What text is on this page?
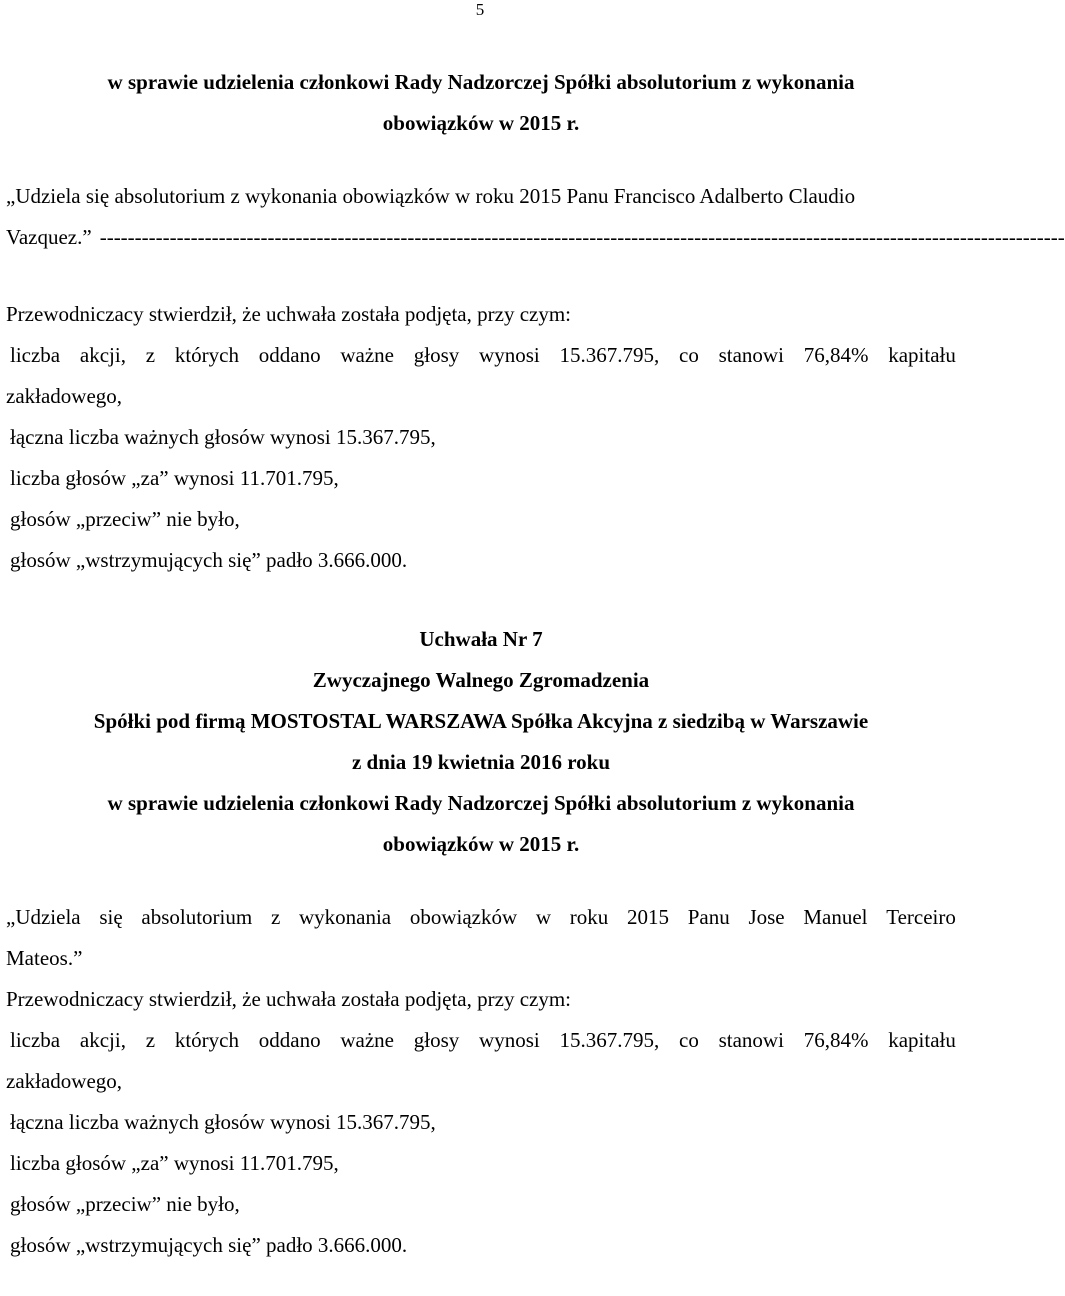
5
w sprawie udzielenia członkowi Rady Nadzorczej Spółki absolutorium z wykonania
obowiązków w 2015 r.
„Udziela się absolutorium z wykonania obowiązków w roku 2015 Panu Francisco Adalberto Claudio
Vazquez.” ------------------------------------------------------------------------------------------------------------------------------------------
Przewodniczacy stwierdził, że uchwała została podjęta, przy czym:
liczba akcji, z których oddano ważne głosy wynosi 15.367.795, co stanowi 76,84% kapitału
zakładowego,
łączna liczba ważnych głosów wynosi 15.367.795,
liczba głosów „za” wynosi 11.701.795,
głosów „przeciw” nie było,
głosów „wstrzymujących się” padło 3.666.000.
Uchwała Nr 7
Zwyczajnego Walnego Zgromadzenia
Spółki pod firmą MOSTOSTAL WARSZAWA Spółka Akcyjna z siedzibą w Warszawie
z dnia 19 kwietnia 2016 roku
w sprawie udzielenia członkowi Rady Nadzorczej Spółki absolutorium z wykonania
obowiązków w 2015 r.
„Udziela się absolutorium z wykonania obowiązków w roku 2015 Panu Jose Manuel Terceiro
Mateos.”
Przewodniczacy stwierdził, że uchwała została podjęta, przy czym:
liczba akcji, z których oddano ważne głosy wynosi 15.367.795, co stanowi 76,84% kapitału
zakładowego,
łączna liczba ważnych głosów wynosi 15.367.795,
liczba głosów „za” wynosi 11.701.795,
głosów „przeciw” nie było,
głosów „wstrzymujących się” padło 3.666.000.
